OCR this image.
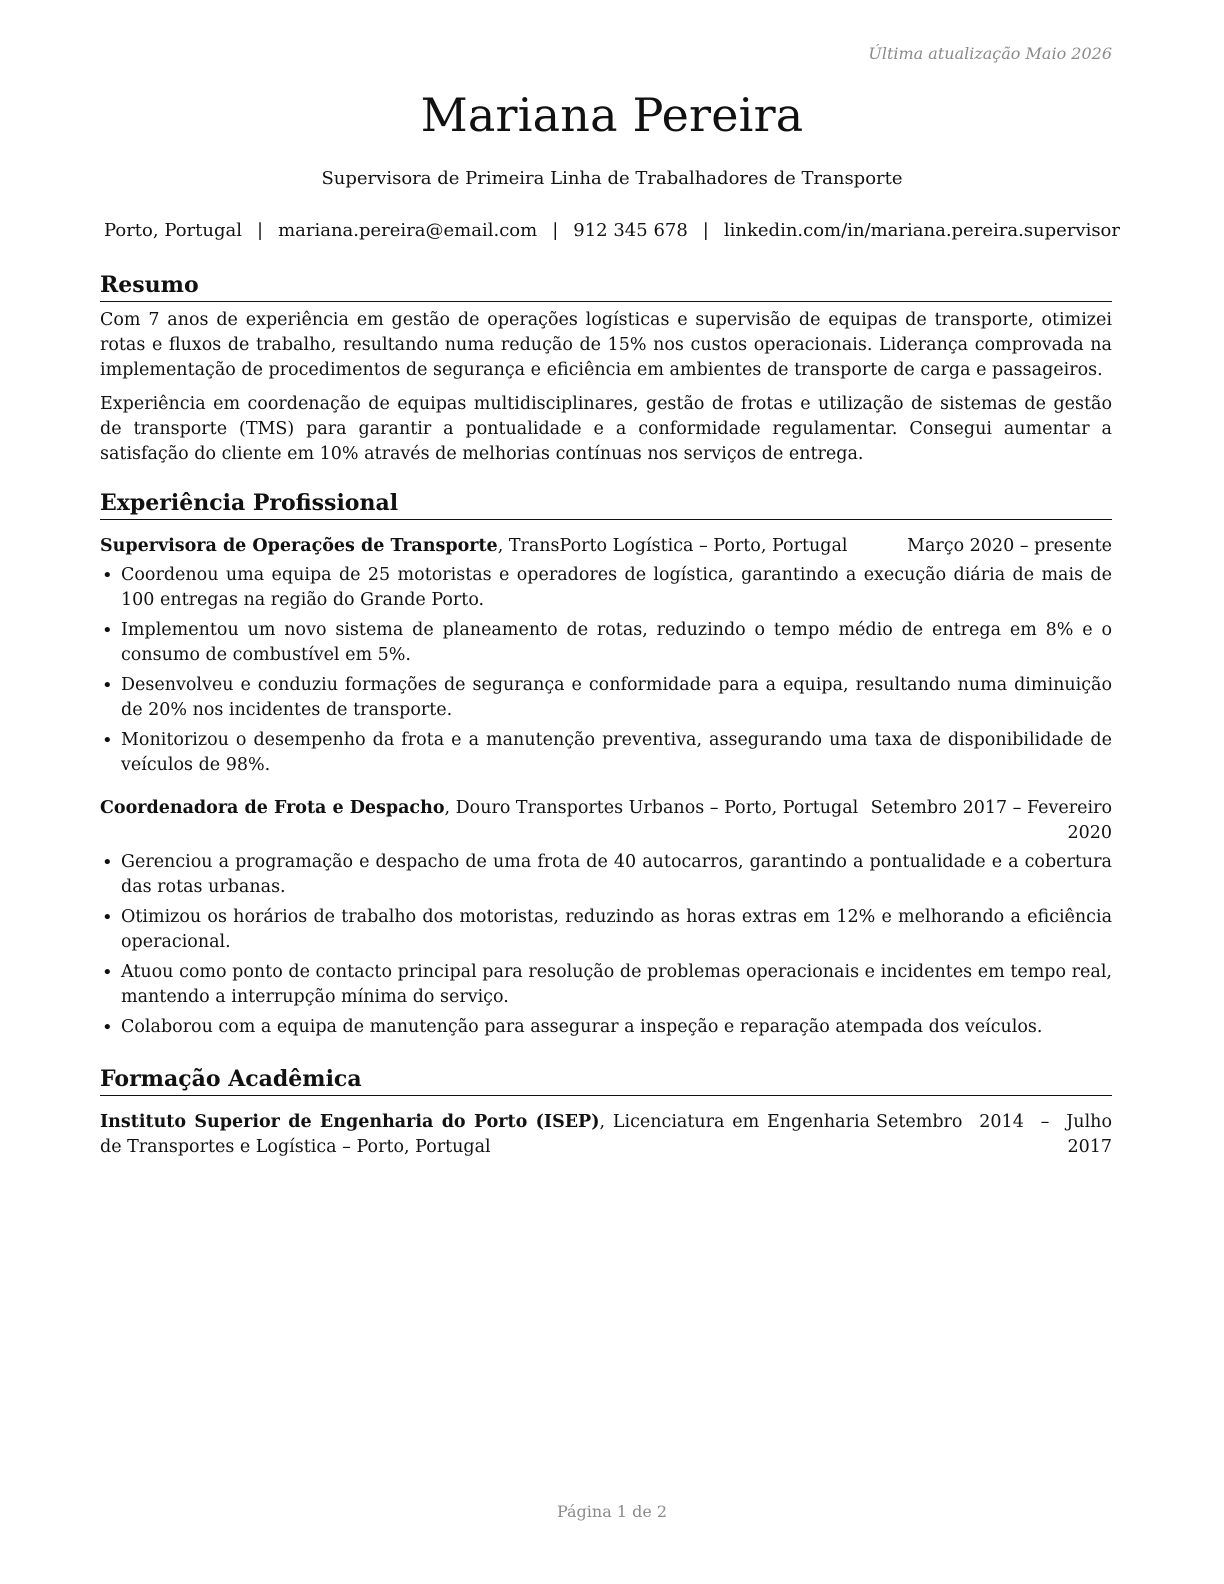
Última atualização Maio 2026
Mariana Pereira
Supervisora de Primeira Linha de Trabalhadores de Transporte
Porto, Portugal | mariana.pereira@email.com | 912 345 678 | linkedin.com/in/mariana.pereira.supervisor
Resumo

Com 7 anos de experiência em gestão de operações logísticas e supervisão de equipas de transporte, otimizei rotas e fluxos de trabalho, resultando numa redução de 15% nos custos operacionais. Liderança comprovada na implementação de procedimentos de segurança e eficiência em ambientes de transporte de carga e passageiros.

Experiência em coordenação de equipas multidisciplinares, gestão de frotas e utilização de sistemas de gestão de transporte (TMS) para garantir a pontualidade e a conformidade regulamentar. Consegui aumentar a satisfação do cliente em 10% através de melhorias contínuas nos serviços de entrega.

Experiência Profissional
Supervisora de Operações de Transporte, TransPorto Logística – Porto, Portugal	Março 2020 – presente
• Coordenou uma equipa de 25 motoristas e operadores de logística, garantindo a execução diária de mais de 100 entregas na região do Grande Porto.
• Implementou um novo sistema de planeamento de rotas, reduzindo o tempo médio de entrega em 8% e o consumo de combustível em 5%.
• Desenvolveu e conduziu formações de segurança e conformidade para a equipa, resultando numa diminuição de 20% nos incidentes de transporte.
• Monitorizou o desempenho da frota e a manutenção preventiva, assegurando uma taxa de disponibilidade de veículos de 98%.
Coordenadora de Frota e Despacho, Douro Transportes Urbanos – Porto, Portugal Setembro 2017 – Fevereiro
2020
• Gerenciou a programação e despacho de uma frota de 40 autocarros, garantindo a pontualidade e a cobertura das rotas urbanas.
• Otimizou os horários de trabalho dos motoristas, reduzindo as horas extras em 12% e melhorando a eficiência operacional.
• Atuou como ponto de contacto principal para resolução de problemas operacionais e incidentes em tempo real, mantendo a interrupção mínima do serviço.
• Colaborou com a equipa de manutenção para assegurar a inspeção e reparação atempada dos veículos.
Formação Acadêmica
Instituto Superior de Engenharia do Porto (ISEP), Licenciatura em Engenharia de Transportes e Logística – Porto, Portugal
Setembro 2014 – Julho
2017
Página 1 de 2
